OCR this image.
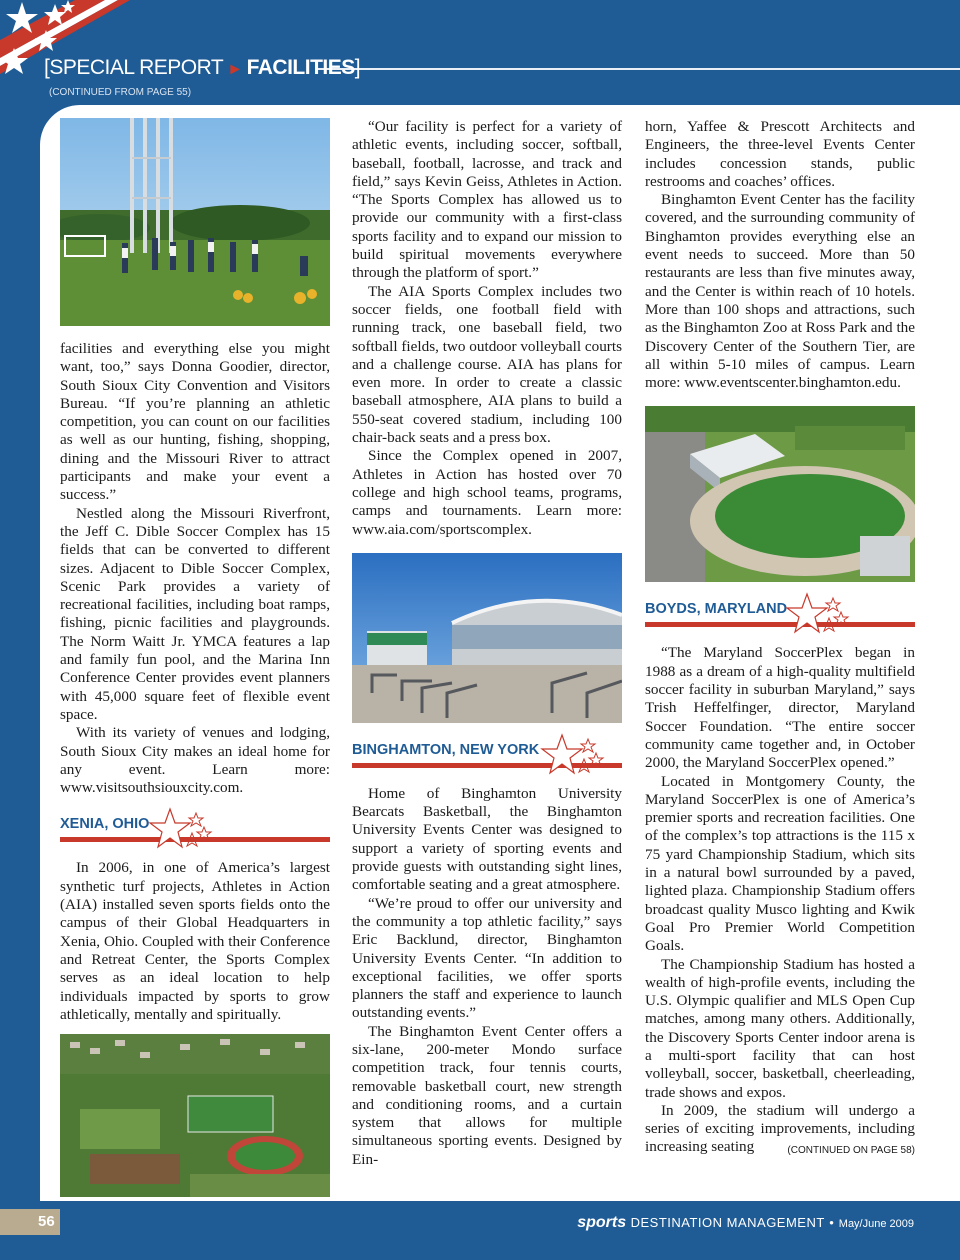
[SPECIAL REPORT ► FACILITIES]
(CONTINUED FROM PAGE 55)

facilities and everything else you might want, too,” says Donna Goodier, director, South Sioux City Convention and Visitors Bureau. “If you’re planning an athletic competition, you can count on our facilities as well as our hunting, fishing, shopping, dining and the Missouri River to attract participants and make your event a success.”

Nestled along the Missouri Riverfront, the Jeff C. Dible Soccer Complex has 15 fields that can be converted to different sizes. Adjacent to Dible Soccer Complex, Scenic Park provides a variety of recreational facilities, including boat ramps, fishing, picnic facilities and playgrounds. The Norm Waitt Jr. YMCA features a lap and family fun pool, and the Marina Inn Conference Center provides event planners with 45,000 square feet of flexible event space.

With its variety of venues and lodging, South Sioux City makes an ideal home for any event. Learn more: www.visitsouthsiouxcity.com.

XENIA, OHIO

In 2006, in one of America’s largest synthetic turf projects, Athletes in Action (AIA) installed seven sports fields onto the campus of their Global Headquarters in Xenia, Ohio. Coupled with their Conference and Retreat Center, the Sports Complex serves as an ideal location to help individuals impacted by sports to grow athletically, mentally and spiritually.

“Our facility is perfect for a variety of athletic events, including soccer, softball, baseball, football, lacrosse, and track and field,” says Kevin Geiss, Athletes in Action. “The Sports Complex has allowed us to provide our community with a first-class sports facility and to expand our mission to build spiritual movements everywhere through the platform of sport.”

The AIA Sports Complex includes two soccer fields, one football field with running track, one baseball field, two softball fields, two outdoor volleyball courts and a challenge course. AIA has plans for even more. In order to create a classic baseball atmosphere, AIA plans to build a 550-seat covered stadium, including 100 chair-back seats and a press box.

Since the Complex opened in 2007, Athletes in Action has hosted over 70 college and high school teams, programs, camps and tournaments. Learn more: www.aia.com/sportscomplex.

BINGHAMTON, NEW YORK

Home of Binghamton University Bearcats Basketball, the Binghamton University Events Center was designed to support a variety of sporting events and provide guests with outstanding sight lines, comfortable seating and a great atmosphere.

“We’re proud to offer our university and the community a top athletic facility,” says Eric Backlund, director, Binghamton University Events Center. “In addition to exceptional facilities, we offer sports planners the staff and experience to launch outstanding events.”

The Binghamton Event Center offers a six-lane, 200-meter Mondo surface competition track, four tennis courts, removable basketball court, new strength and conditioning rooms, and a curtain system that allows for multiple simultaneous sporting events. Designed by Ein-

horn, Yaffee & Prescott Architects and Engineers, the three-level Events Center includes concession stands, public restrooms and coaches’ offices.

Binghamton Event Center has the facility covered, and the surrounding community of Binghamton provides everything else an event needs to succeed. More than 50 restaurants are less than five minutes away, and the Center is within reach of 10 hotels. More than 100 shops and attractions, such as the Binghamton Zoo at Ross Park and the Discovery Center of the Southern Tier, are all within 5-10 miles of campus. Learn more: www.eventscenter.binghamton.edu.

BOYDS, MARYLAND

“The Maryland SoccerPlex began in 1988 as a dream of a high-quality multifield soccer facility in suburban Maryland,” says Trish Heffelfinger, director, Maryland Soccer Foundation. “The entire soccer community came together and, in October 2000, the Maryland SoccerPlex opened.”

Located in Montgomery County, the Maryland SoccerPlex is one of America’s premier sports and recreation facilities. One of the complex’s top attractions is the 115 x 75 yard Championship Stadium, which sits in a natural bowl surrounded by a paved, lighted plaza. Championship Stadium offers broadcast quality Musco lighting and Kwik Goal Pro Premier World Competition Goals.

The Championship Stadium has hosted a wealth of high-profile events, including the U.S. Olympic qualifier and MLS Open Cup matches, among many others. Additionally, the Discovery Sports Center indoor arena is a multi-sport facility that can host volleyball, soccer, basketball, cheerleading, trade shows and expos.

In 2009, the stadium will undergo a series of exciting improvements, including increasing seating	(CONTINUED ON PAGE 58)

56	sports DESTINATION MANAGEMENT • May/June 2009
